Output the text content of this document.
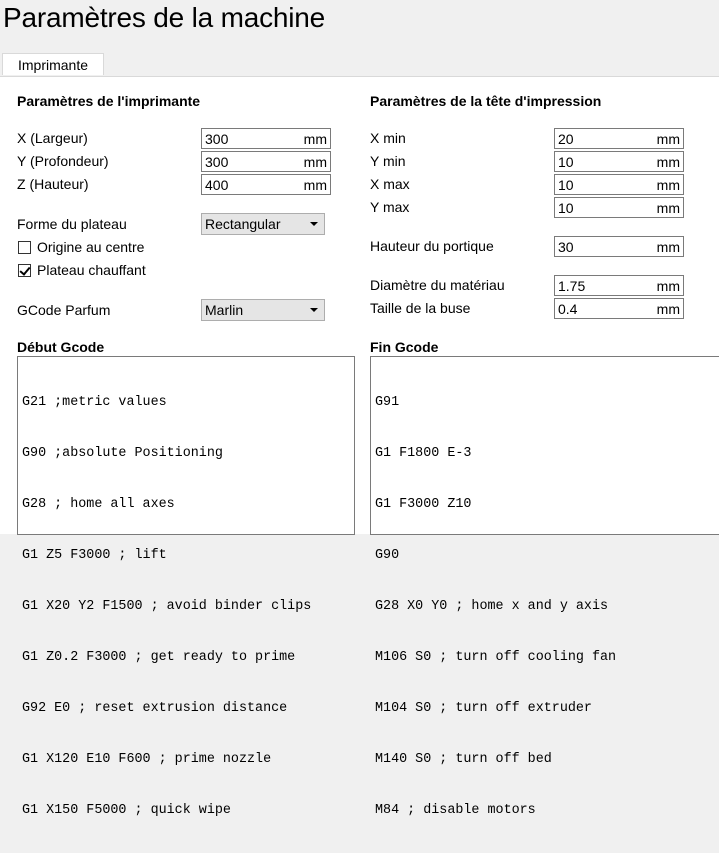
Paramètres de la machine
Imprimante
Paramètres de l'imprimante
X (Largeur)	300	mm
Y (Profondeur)	300	mm
Z (Hauteur)	400	mm
Forme du plateau	Rectangular
Origine au centre
Plateau chauffant
GCode Parfum	Marlin
Paramètres de la tête d'impression
X min	20	mm
Y min	10	mm
X max	10	mm
Y max	10	mm
Hauteur du portique	30	mm
Diamètre du matériau	1.75	mm
Taille de la buse	0.4	mm
Début Gcode

G21 ;metric values

G90 ;absolute Positioning

G28 ; home all axes

G1 Z5 F3000 ; lift

G1 X20 Y2 F1500 ; avoid binder clips

G1 Z0.2 F3000 ; get ready to prime

G92 E0 ; reset extrusion distance

G1 X120 E10 F600 ; prime nozzle

G1 X150 F5000 ; quick wipe

Fin Gcode

G91

G1 F1800 E-3

G1 F3000 Z10

G90

G28 X0 Y0 ; home x and y axis

M106 S0 ; turn off cooling fan

M104 S0 ; turn off extruder

M140 S0 ; turn off bed

M84 ; disable motors
